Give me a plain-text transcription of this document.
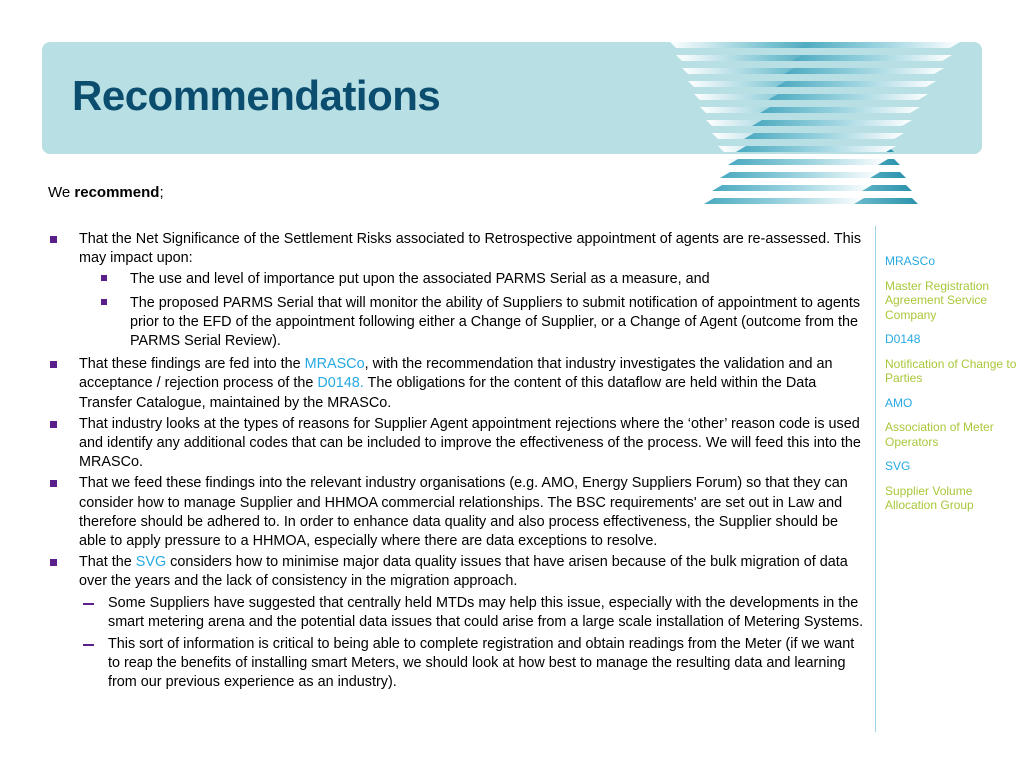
Recommendations
We recommend;
That the Net Significance of the Settlement Risks associated to Retrospective appointment of agents are re-assessed. This may impact upon:
The use and level of importance put upon the associated PARMS Serial as a measure, and
The proposed PARMS Serial that will monitor the ability of Suppliers to submit notification of appointment to agents prior to the EFD of the appointment following either a Change of Supplier, or a Change of Agent (outcome from the PARMS Serial Review).
That these findings are fed into the MRASCo, with the recommendation that industry investigates the validation and an acceptance / rejection process of the D0148. The obligations for the content of this dataflow are held within the Data Transfer Catalogue, maintained by the MRASCo.
That industry looks at the types of reasons for Supplier Agent appointment rejections where the ‘other’ reason code is used and identify any additional codes that can be included to improve the effectiveness of the process. We will feed this into the MRASCo.
That we feed these findings into the relevant industry organisations (e.g. AMO, Energy Suppliers Forum) so that they can consider how to manage Supplier and HHMOA commercial relationships. The BSC requirements' are set out in Law and therefore should be adhered to. In order to enhance data quality and also process effectiveness, the Supplier should be able to apply pressure to a HHMOA, especially where there are data exceptions to resolve.
That the SVG considers how to minimise major data quality issues that have arisen because of the bulk migration of data over the years and the lack of consistency in the migration approach.
Some Suppliers have suggested that centrally held MTDs may help this issue, especially with the developments in the smart metering arena and the potential data issues that could arise from a large scale installation of Metering Systems.
This sort of information is critical to being able to complete registration and obtain readings from the Meter (if we want to reap the benefits of installing smart Meters, we should look at how best to manage the resulting data and learning from our previous experience as an industry).
MRASCo
Master Registration Agreement Service Company
D0148
Notification of Change to Parties
AMO
Association of Meter Operators
SVG
Supplier Volume Allocation Group
